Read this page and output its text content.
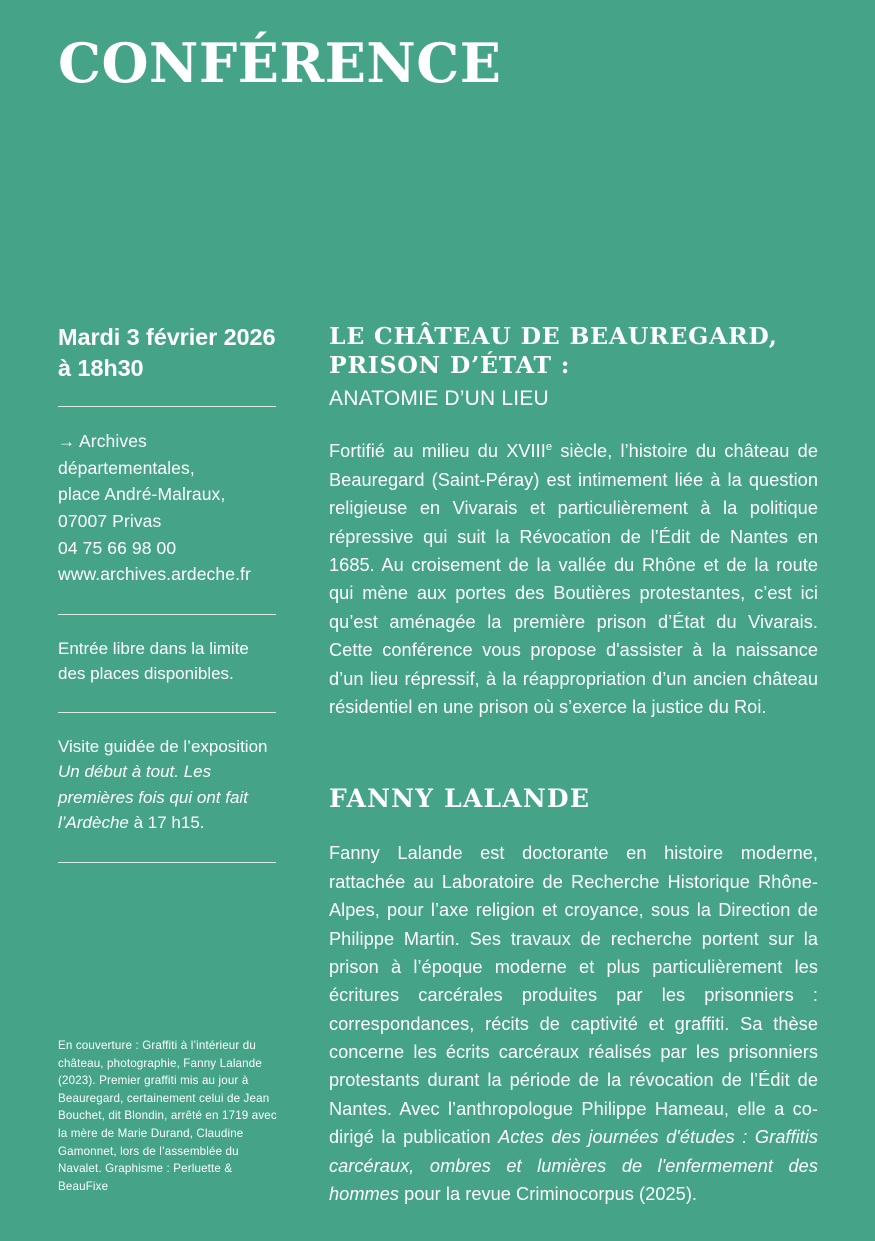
CONFÉRENCE
Mardi 3 février 2026 à 18h30
→ Archives
départementales,
place André-Malraux,
07007 Privas
04 75 66 98 00
www.archives.ardeche.fr
Entrée libre dans la limite des places disponibles.
Visite guidée de l’exposition Un début à tout. Les premières fois qui ont fait l’Ardèche à 17 h15.
En couverture : Graffiti à l’intérieur du château, photographie, Fanny Lalande (2023). Premier graffiti mis au jour à Beauregard, certainement celui de Jean Bouchet, dit Blondin, arrêté en 1719 avec la mère de Marie Durand, Claudine Gamonnet, lors de l’assemblée du Navalet. Graphisme : Perluette & BeauFixe
LE CHÂTEAU DE BEAUREGARD,
PRISON D’ÉTAT :
ANATOMIE D’UN LIEU

Fortifié au milieu du XVIIIe siècle, l’histoire du château de Beauregard (Saint-Péray) est intimement liée à la question religieuse en Vivarais et particulièrement à la politique répressive qui suit la Révocation de l’Édit de Nantes en 1685. Au croisement de la vallée du Rhône et de la route qui mène aux portes des Boutières protestantes, c’est ici qu’est aménagée la première prison d’État du Vivarais. Cette conférence vous propose d'assister à la naissance d’un lieu répressif, à la réappropriation d’un ancien château résidentiel en une prison où s’exerce la justice du Roi.

FANNY LALANDE

Fanny Lalande est doctorante en histoire moderne, rattachée au Laboratoire de Recherche Historique Rhône-Alpes, pour l’axe religion et croyance, sous la Direction de Philippe Martin. Ses travaux de recherche portent sur la prison à l’époque moderne et plus particulièrement les écritures carcérales produites par les prisonniers : correspondances, récits de captivité et graffiti. Sa thèse concerne les écrits carcéraux réalisés par les prisonniers protestants durant la période de la révocation de l’Édit de Nantes. Avec l’anthropologue Philippe Hameau, elle a co-dirigé la publication Actes des journées d'études : Graffitis carcéraux, ombres et lumières de l'enfermement des hommes pour la revue Criminocorpus (2025).
